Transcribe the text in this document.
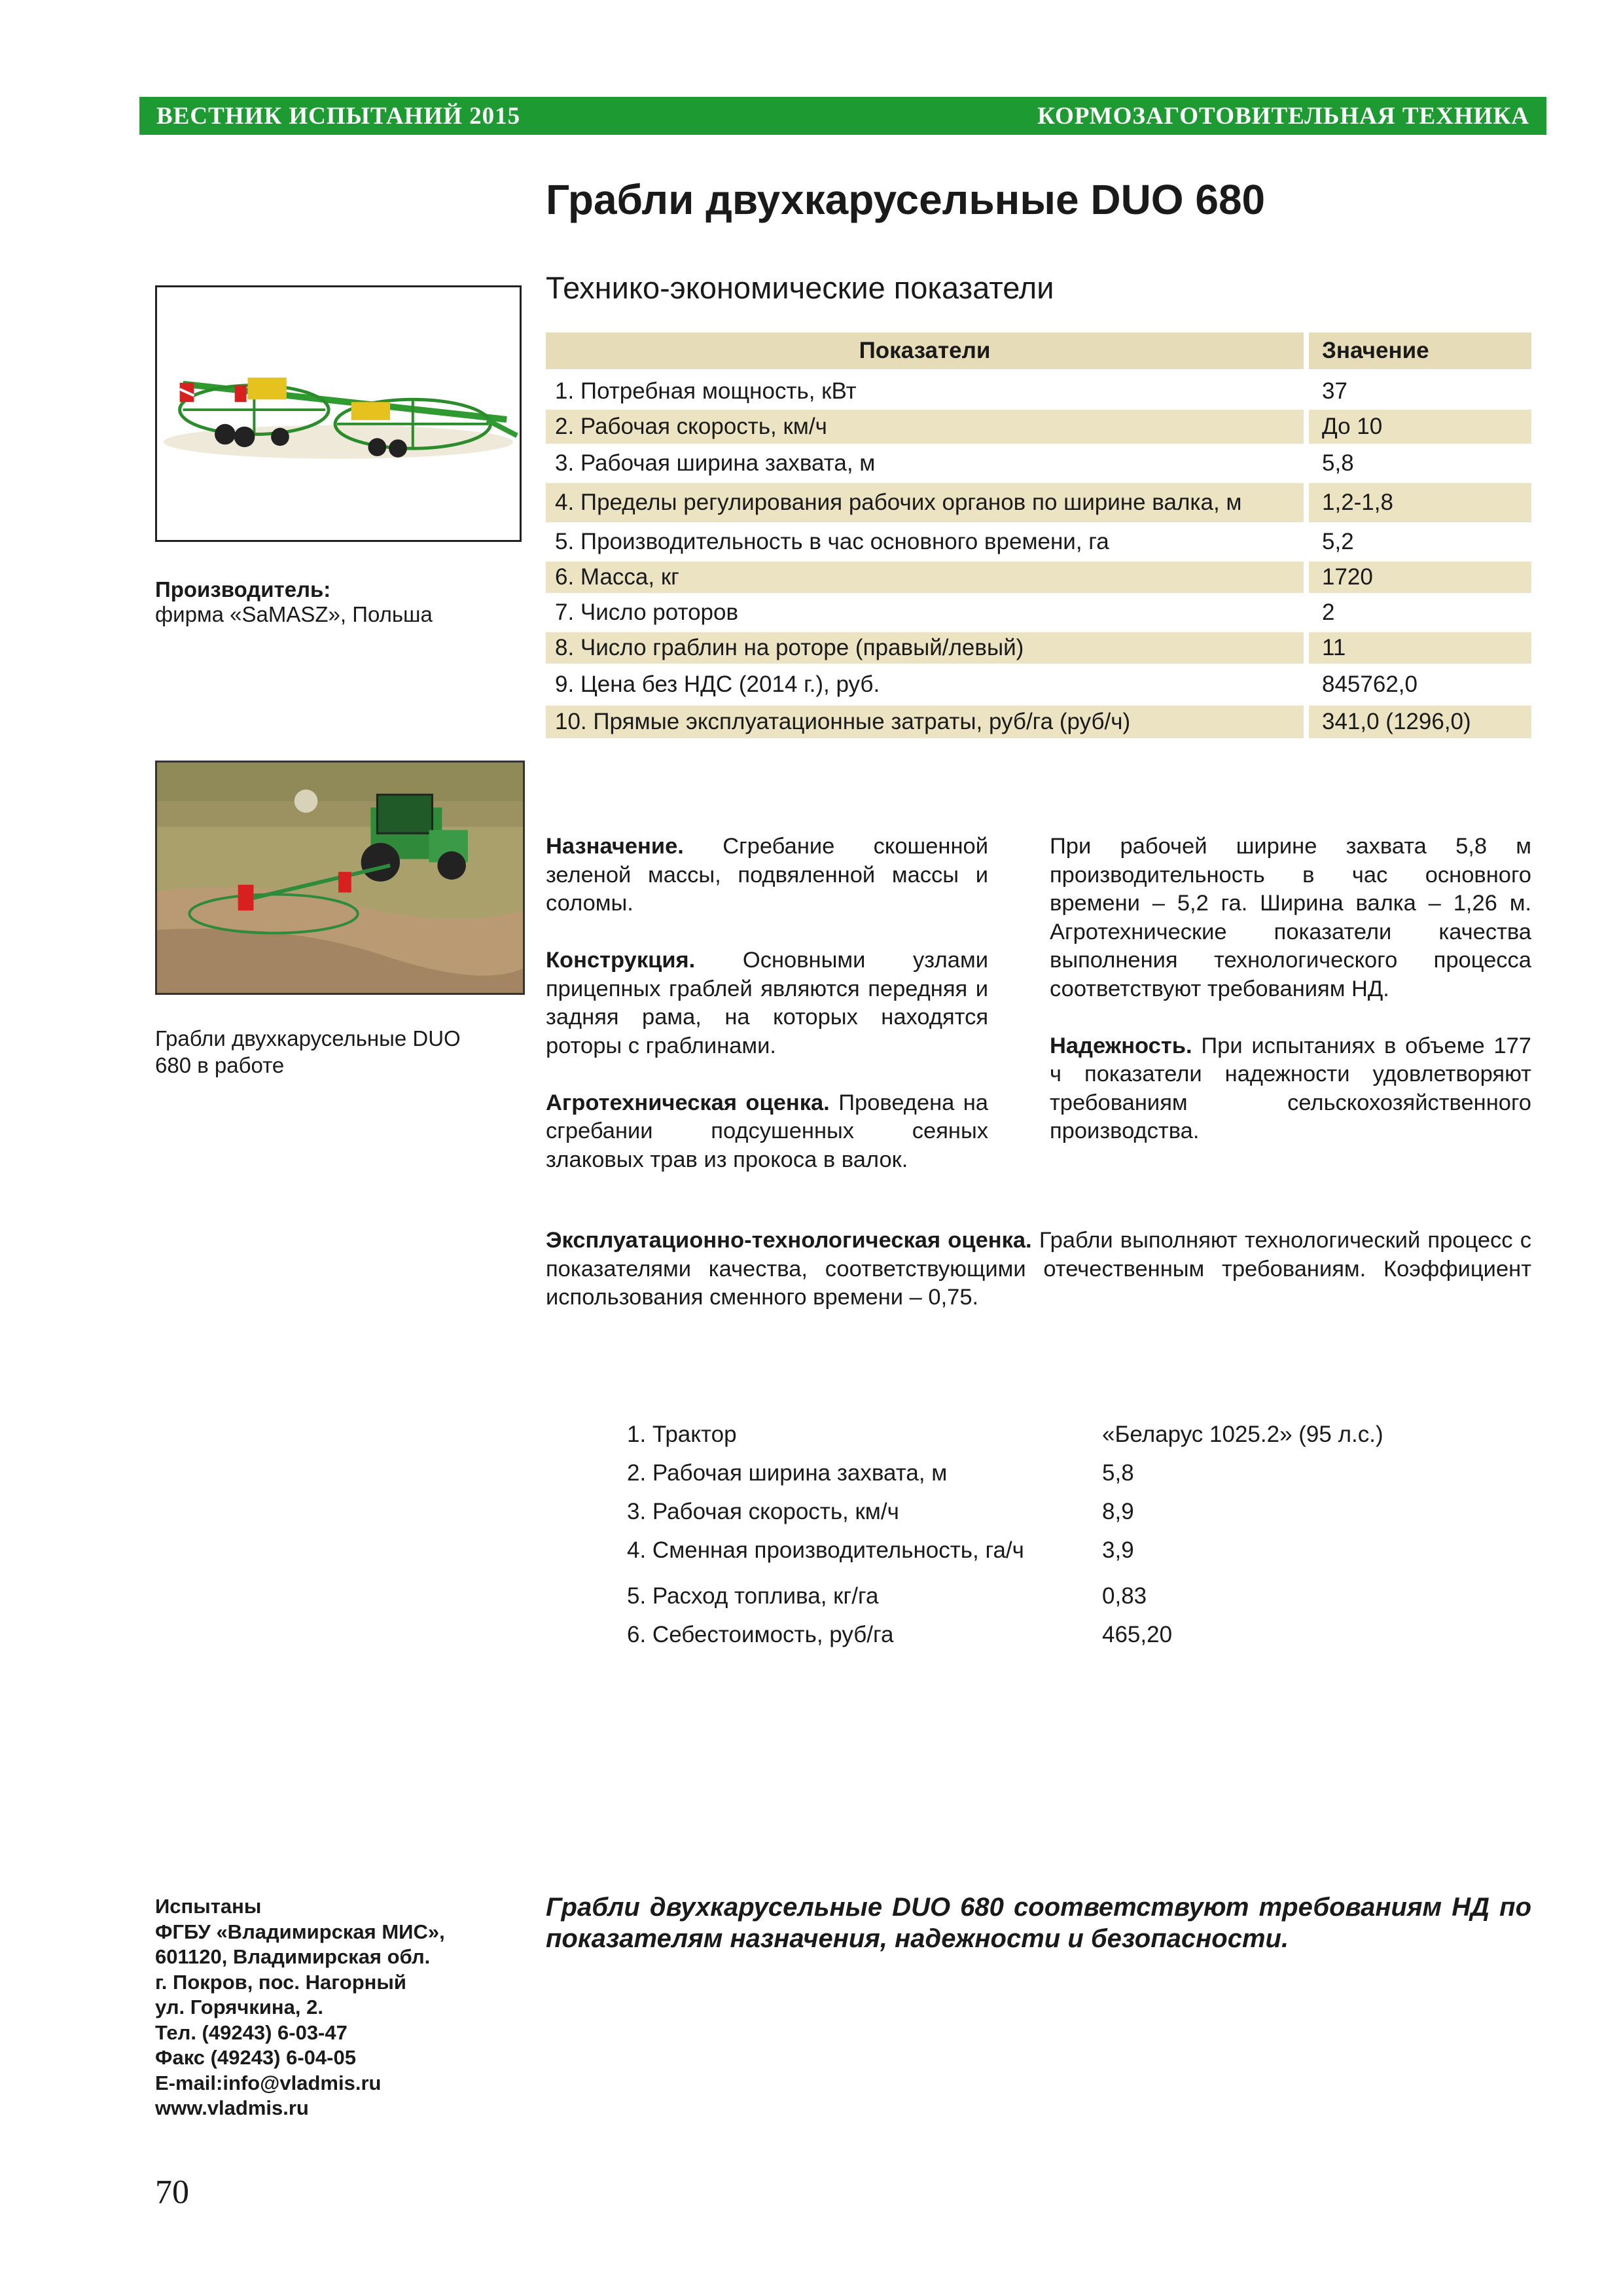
ВЕСТНИК ИСПЫТАНИЙ 2015	КОРМОЗАГОТОВИТЕЛЬНАЯ ТЕХНИКА
Грабли двухкарусельные DUO 680
Технико-экономические показатели
Показатели	Значение
1. Потребная мощность, кВт	37
2. Рабочая скорость, км/ч	До 10
3. Рабочая ширина захвата, м	5,8
4. Пределы регулирования рабочих органов по ширине валка, м	1,2-1,8
5. Производительность в час основного времени, га	5,2
6. Масса, кг	1720
7. Число роторов	2
8. Число граблин на роторе (правый/левый)	11
9. Цена без НДС (2014 г.), руб.	845762,0
10. Прямые эксплуатационные затраты, руб/га (руб/ч)	341,0 (1296,0)
Производитель:
фирма «SaMASZ», Польша
Грабли двухкарусельные DUO 680 в работе

Назначение. Сгребание скошенной зеленой массы, подвяленной массы и соломы.

Конструкция. Основными узлами прицепных граблей являются передняя и задняя рама, на которых находятся роторы с граблинами.

Агротехническая оценка. Проведена на сгребании подсушенных сеяных злаковых трав из прокоса в валок.

При рабочей ширине захвата 5,8 м производительность в час основного времени – 5,2 га. Ширина валка – 1,26 м. Агротехнические показатели качества выполнения технологического процесса соответствуют требованиям НД.

Надежность. При испытаниях в объеме 177 ч показатели надежности удовлетворяют требованиям сельскохозяйственного производства.

Эксплуатационно-технологическая оценка. Грабли выполняют технологический процесс с показателями качества, соответствующими отечественным требованиям. Коэффициент использования сменного времени – 0,75.
1. Трактор	«Беларус 1025.2» (95 л.с.)
2. Рабочая ширина захвата, м	5,8
3. Рабочая скорость, км/ч	8,9
4. Сменная производительность, га/ч	3,9
5. Расход топлива, кг/га	0,83
6. Себестоимость, руб/га	465,20
Испытаны
ФГБУ «Владимирская МИС»,
601120, Владимирская обл.
г. Покров, пос. Нагорный
ул. Горячкина, 2.
Тел. (49243) 6-03-47
Факс (49243) 6-04-05
E-mail:info@vladmis.ru
www.vladmis.ru
Грабли двухкарусельные DUO 680 соответствуют требованиям НД по показателям назначения, надежности и безопасности.
70
